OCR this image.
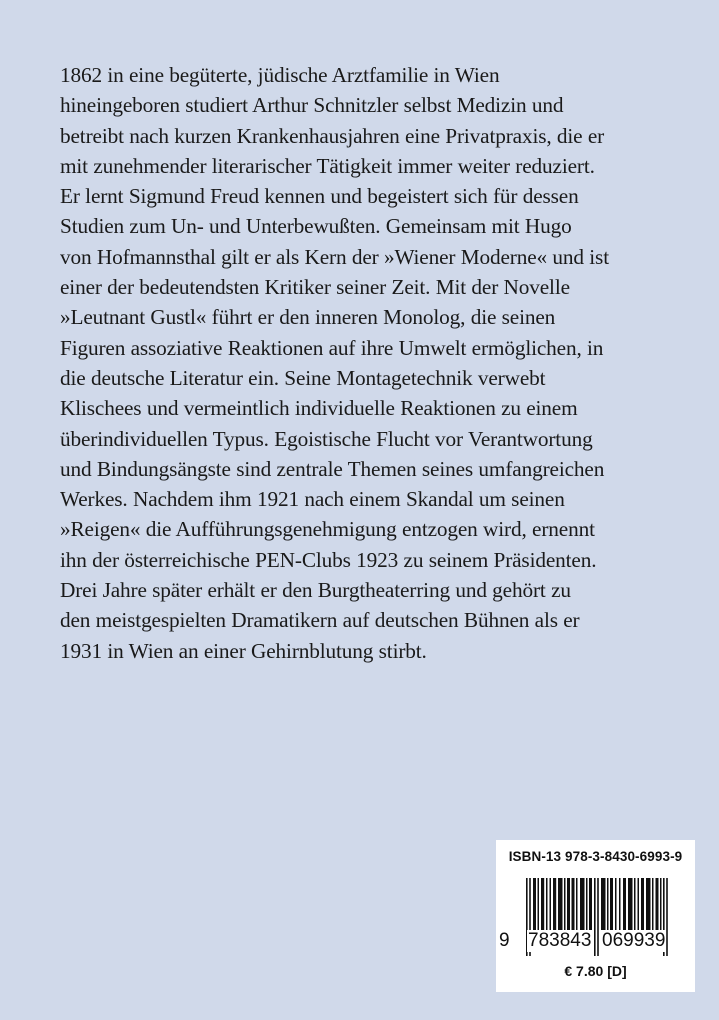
1862 in eine begüterte, jüdische Arztfamilie in Wien
hineingeboren studiert Arthur Schnitzler selbst Medizin und
betreibt nach kurzen Krankenhausjahren eine Privatpraxis, die er
mit zunehmender literarischer Tätigkeit immer weiter reduziert.
Er lernt Sigmund Freud kennen und begeistert sich für dessen
Studien zum Un- und Unterbewußten. Gemeinsam mit Hugo
von Hofmannsthal gilt er als Kern der »Wiener Moderne« und ist
einer der bedeutendsten Kritiker seiner Zeit. Mit der Novelle
»Leutnant Gustl« führt er den inneren Monolog, die seinen
Figuren assoziative Reaktionen auf ihre Umwelt ermöglichen, in
die deutsche Literatur ein. Seine Montagetechnik verwebt
Klischees und vermeintlich individuelle Reaktionen zu einem
überindividuellen Typus. Egoistische Flucht vor Verantwortung
und Bindungsängste sind zentrale Themen seines umfangreichen
Werkes. Nachdem ihm 1921 nach einem Skandal um seinen
»Reigen« die Aufführungsgenehmigung entzogen wird, ernennt
ihn der österreichische PEN-Clubs 1923 zu seinem Präsidenten.
Drei Jahre später erhält er den Burgtheaterring und gehört zu
den meistgespielten Dramatikern auf deutschen Bühnen als er
1931 in Wien an einer Gehirnblutung stirbt.
ISBN-13 978-3-8430-6993-9
9 783843 069939
€ 7.80 [D]
